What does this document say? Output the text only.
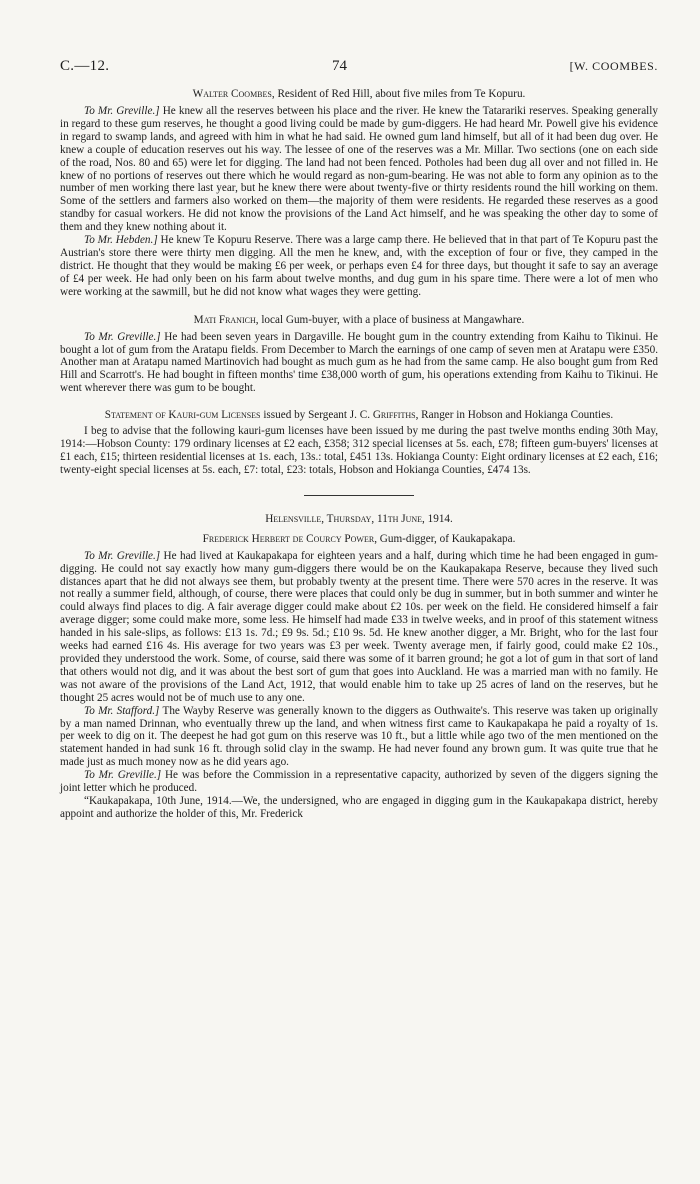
C.—12.	74	[W. COOMBES.
Walter Coombes, Resident of Red Hill, about five miles from Te Kopuru.

To Mr. Greville.] He knew all the reserves between his place and the river. He knew the Tatarariki reserves. Speaking generally in regard to these gum reserves, he thought a good living could be made by gum-diggers. He had heard Mr. Powell give his evidence in regard to swamp lands, and agreed with him in what he had said. He owned gum land himself, but all of it had been dug over. He knew a couple of education reserves out his way. The lessee of one of the reserves was a Mr. Millar. Two sections (one on each side of the road, Nos. 80 and 65) were let for digging. The land had not been fenced. Potholes had been dug all over and not filled in. He knew of no portions of reserves out there which he would regard as non-gum-bearing. He was not able to form any opinion as to the number of men working there last year, but he knew there were about twenty-five or thirty residents round the hill working on them. Some of the settlers and farmers also worked on them—the majority of them were residents. He regarded these reserves as a good standby for casual workers. He did not know the provisions of the Land Act himself, and he was speaking the other day to some of them and they knew nothing about it.

To Mr. Hebden.] He knew Te Kopuru Reserve. There was a large camp there. He believed that in that part of Te Kopuru past the Austrian's store there were thirty men digging. All the men he knew, and, with the exception of four or five, they camped in the district. He thought that they would be making £6 per week, or perhaps even £4 for three days, but thought it safe to say an average of £4 per week. He had only been on his farm about twelve months, and dug gum in his spare time. There were a lot of men who were working at the sawmill, but he did not know what wages they were getting.

Mati Franich, local Gum-buyer, with a place of business at Mangawhare.

To Mr. Greville.] He had been seven years in Dargaville. He bought gum in the country extending from Kaihu to Tikinui. He bought a lot of gum from the Aratapu fields. From December to March the earnings of one camp of seven men at Aratapu were £350. Another man at Aratapu named Martinovich had bought as much gum as he had from the same camp. He also bought gum from Red Hill and Scarrott's. He had bought in fifteen months' time £38,000 worth of gum, his operations extending from Kaihu to Tikinui. He went wherever there was gum to be bought.

Statement of Kauri-gum Licenses issued by Sergeant J. C. Griffiths, Ranger in Hobson and Hokianga Counties.

I beg to advise that the following kauri-gum licenses have been issued by me during the past twelve months ending 30th May, 1914:—Hobson County: 179 ordinary licenses at £2 each, £358; 312 special licenses at 5s. each, £78; fifteen gum-buyers' licenses at £1 each, £15; thirteen residential licenses at 1s. each, 13s.: total, £451 13s. Hokianga County: Eight ordinary licenses at £2 each, £16; twenty-eight special licenses at 5s. each, £7: total, £23: totals, Hobson and Hokianga Counties, £474 13s.

Helensville, Thursday, 11th June, 1914.
Frederick Herbert de Courcy Power, Gum-digger, of Kaukapakapa.

To Mr. Greville.] He had lived at Kaukapakapa for eighteen years and a half, during which time he had been engaged in gum-digging. He could not say exactly how many gum-diggers there would be on the Kaukapakapa Reserve, because they lived such distances apart that he did not always see them, but probably twenty at the present time. There were 570 acres in the reserve. It was not really a summer field, although, of course, there were places that could only be dug in summer, but in both summer and winter he could always find places to dig. A fair average digger could make about £2 10s. per week on the field. He considered himself a fair average digger; some could make more, some less. He himself had made £33 in twelve weeks, and in proof of this statement witness handed in his sale-slips, as follows: £13 1s. 7d.; £9 9s. 5d.; £10 9s. 5d. He knew another digger, a Mr. Bright, who for the last four weeks had earned £16 4s. His average for two years was £3 per week. Twenty average men, if fairly good, could make £2 10s., provided they understood the work. Some, of course, said there was some of it barren ground; he got a lot of gum in that sort of land that others would not dig, and it was about the best sort of gum that goes into Auckland. He was a married man with no family. He was not aware of the provisions of the Land Act, 1912, that would enable him to take up 25 acres of land on the reserves, but he thought 25 acres would not be of much use to any one.

To Mr. Stafford.] The Wayby Reserve was generally known to the diggers as Outhwaite's. This reserve was taken up originally by a man named Drinnan, who eventually threw up the land, and when witness first came to Kaukapakapa he paid a royalty of 1s. per week to dig on it. The deepest he had got gum on this reserve was 10 ft., but a little while ago two of the men mentioned on the statement handed in had sunk 16 ft. through solid clay in the swamp. He had never found any brown gum. It was quite true that he made just as much money now as he did years ago.

To Mr. Greville.] He was before the Commission in a representative capacity, authorized by seven of the diggers signing the joint letter which he produced.

“Kaukapakapa, 10th June, 1914.—We, the undersigned, who are engaged in digging gum in the Kaukapakapa district, hereby appoint and authorize the holder of this, Mr. Frederick
